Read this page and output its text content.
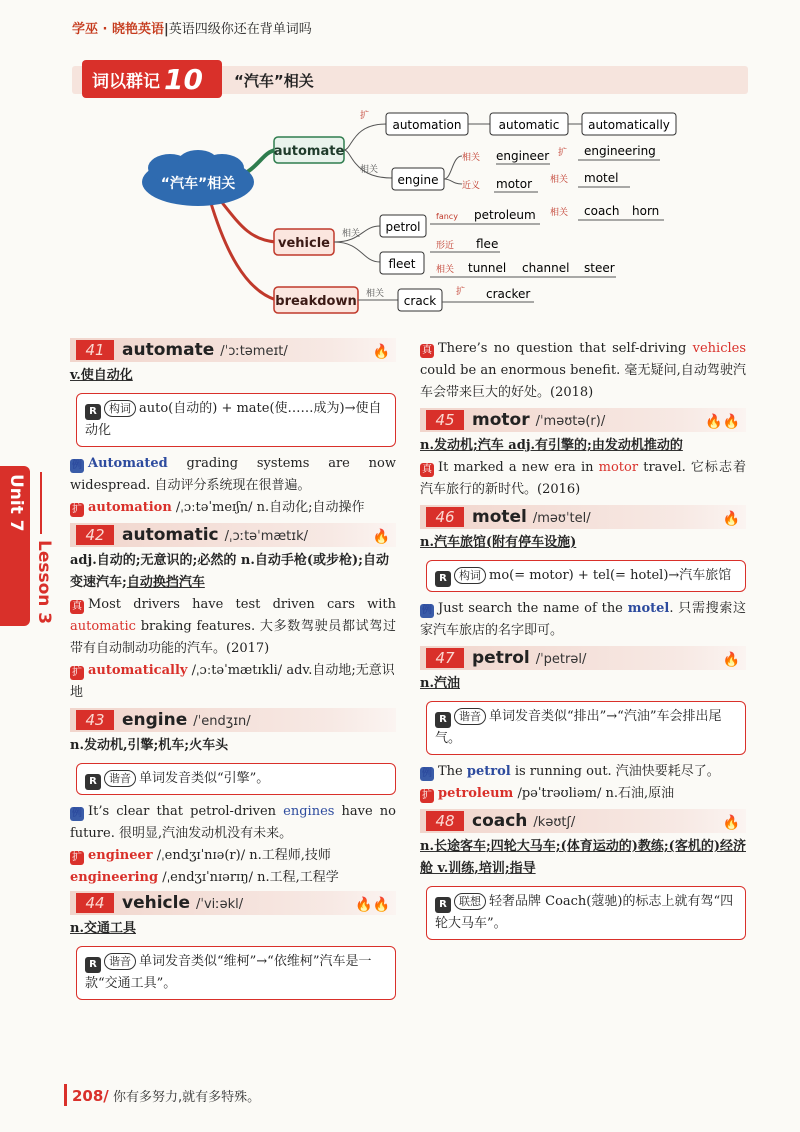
学巫 · 晓艳英语|英语四级你还在背单词吗
词以群记 10 “汽车”相关
“汽车”相关
automate
vehicle
breakdown
扩
相关
automation	automatic automatically
engine
相关 engineer 扩 engineering
近义 motor 相关 motel
相关 petrol
fancy petroleum 相关 coach horn
fleet
形近 flee
相关 tunnel channel steer
相关 crack
扩 cracker
Unit 7
Lesson 3
41	automate /ˈɔːtəmeɪt/	🔥
v.使自动化
R 构词 auto(自动的) + mate(使……成为)→使自动化
例 Automated grading systems are now widespread. 自动评分系统现在很普遍。
扩 automation /ˌɔːtəˈmeɪʃn/ n.自动化;自动操作
42	automatic /ˌɔːtəˈmætɪk/	🔥
adj.自动的;无意识的;必然的 n.自动手枪(或步枪);自动变速汽车;自动换挡汽车
真 Most drivers have test driven cars with automatic braking features. 大多数驾驶员都试驾过带有自动制动功能的汽车。(2017)
扩 automatically /ˌɔːtəˈmætɪkli/ adv.自动地;无意识地
43	engine /ˈendʒɪn/
n.发动机,引擎;机车;火车头
R 谐音 单词发音类似“引擎”。
例 It’s clear that petrol-driven engines have no future. 很明显,汽油发动机没有未来。
扩 engineer /ˌendʒɪˈnɪə(r)/ n.工程师,技师
engineering /ˌendʒɪˈnɪərɪŋ/ n.工程,工程学
44	vehicle /ˈviːəkl/	🔥🔥
n.交通工具
R 谐音 单词发音类似“维柯”→“依维柯”汽车是一款“交通工具”。
真 There’s no question that self-driving vehicles could be an enormous benefit. 毫无疑问,自动驾驶汽车会带来巨大的好处。(2018)
45	motor /ˈməʊtə(r)/	🔥🔥
n.发动机;汽车 adj.有引擎的;由发动机推动的
真 It marked a new era in motor travel. 它标志着汽车旅行的新时代。(2016)
46	motel /məʊˈtel/	🔥
n.汽车旅馆(附有停车设施)
R 构词 mo(= motor) + tel(= hotel)→汽车旅馆
例 Just search the name of the motel. 只需搜索这家汽车旅店的名字即可。
47	petrol /ˈpetrəl/	🔥
n.汽油
R 谐音 单词发音类似“排出”→“汽油”车会排出尾气。
例 The petrol is running out. 汽油快要耗尽了。
扩 petroleum /pəˈtrəʊliəm/ n.石油,原油
48	coach /kəʊtʃ/	🔥
n.长途客车;四轮大马车;(体育运动的)教练;(客机的)经济舱 v.训练,培训;指导
R 联想 轻奢品牌 Coach(蔻驰)的标志上就有驾“四轮大马车”。
208/ 你有多努力,就有多特殊。
